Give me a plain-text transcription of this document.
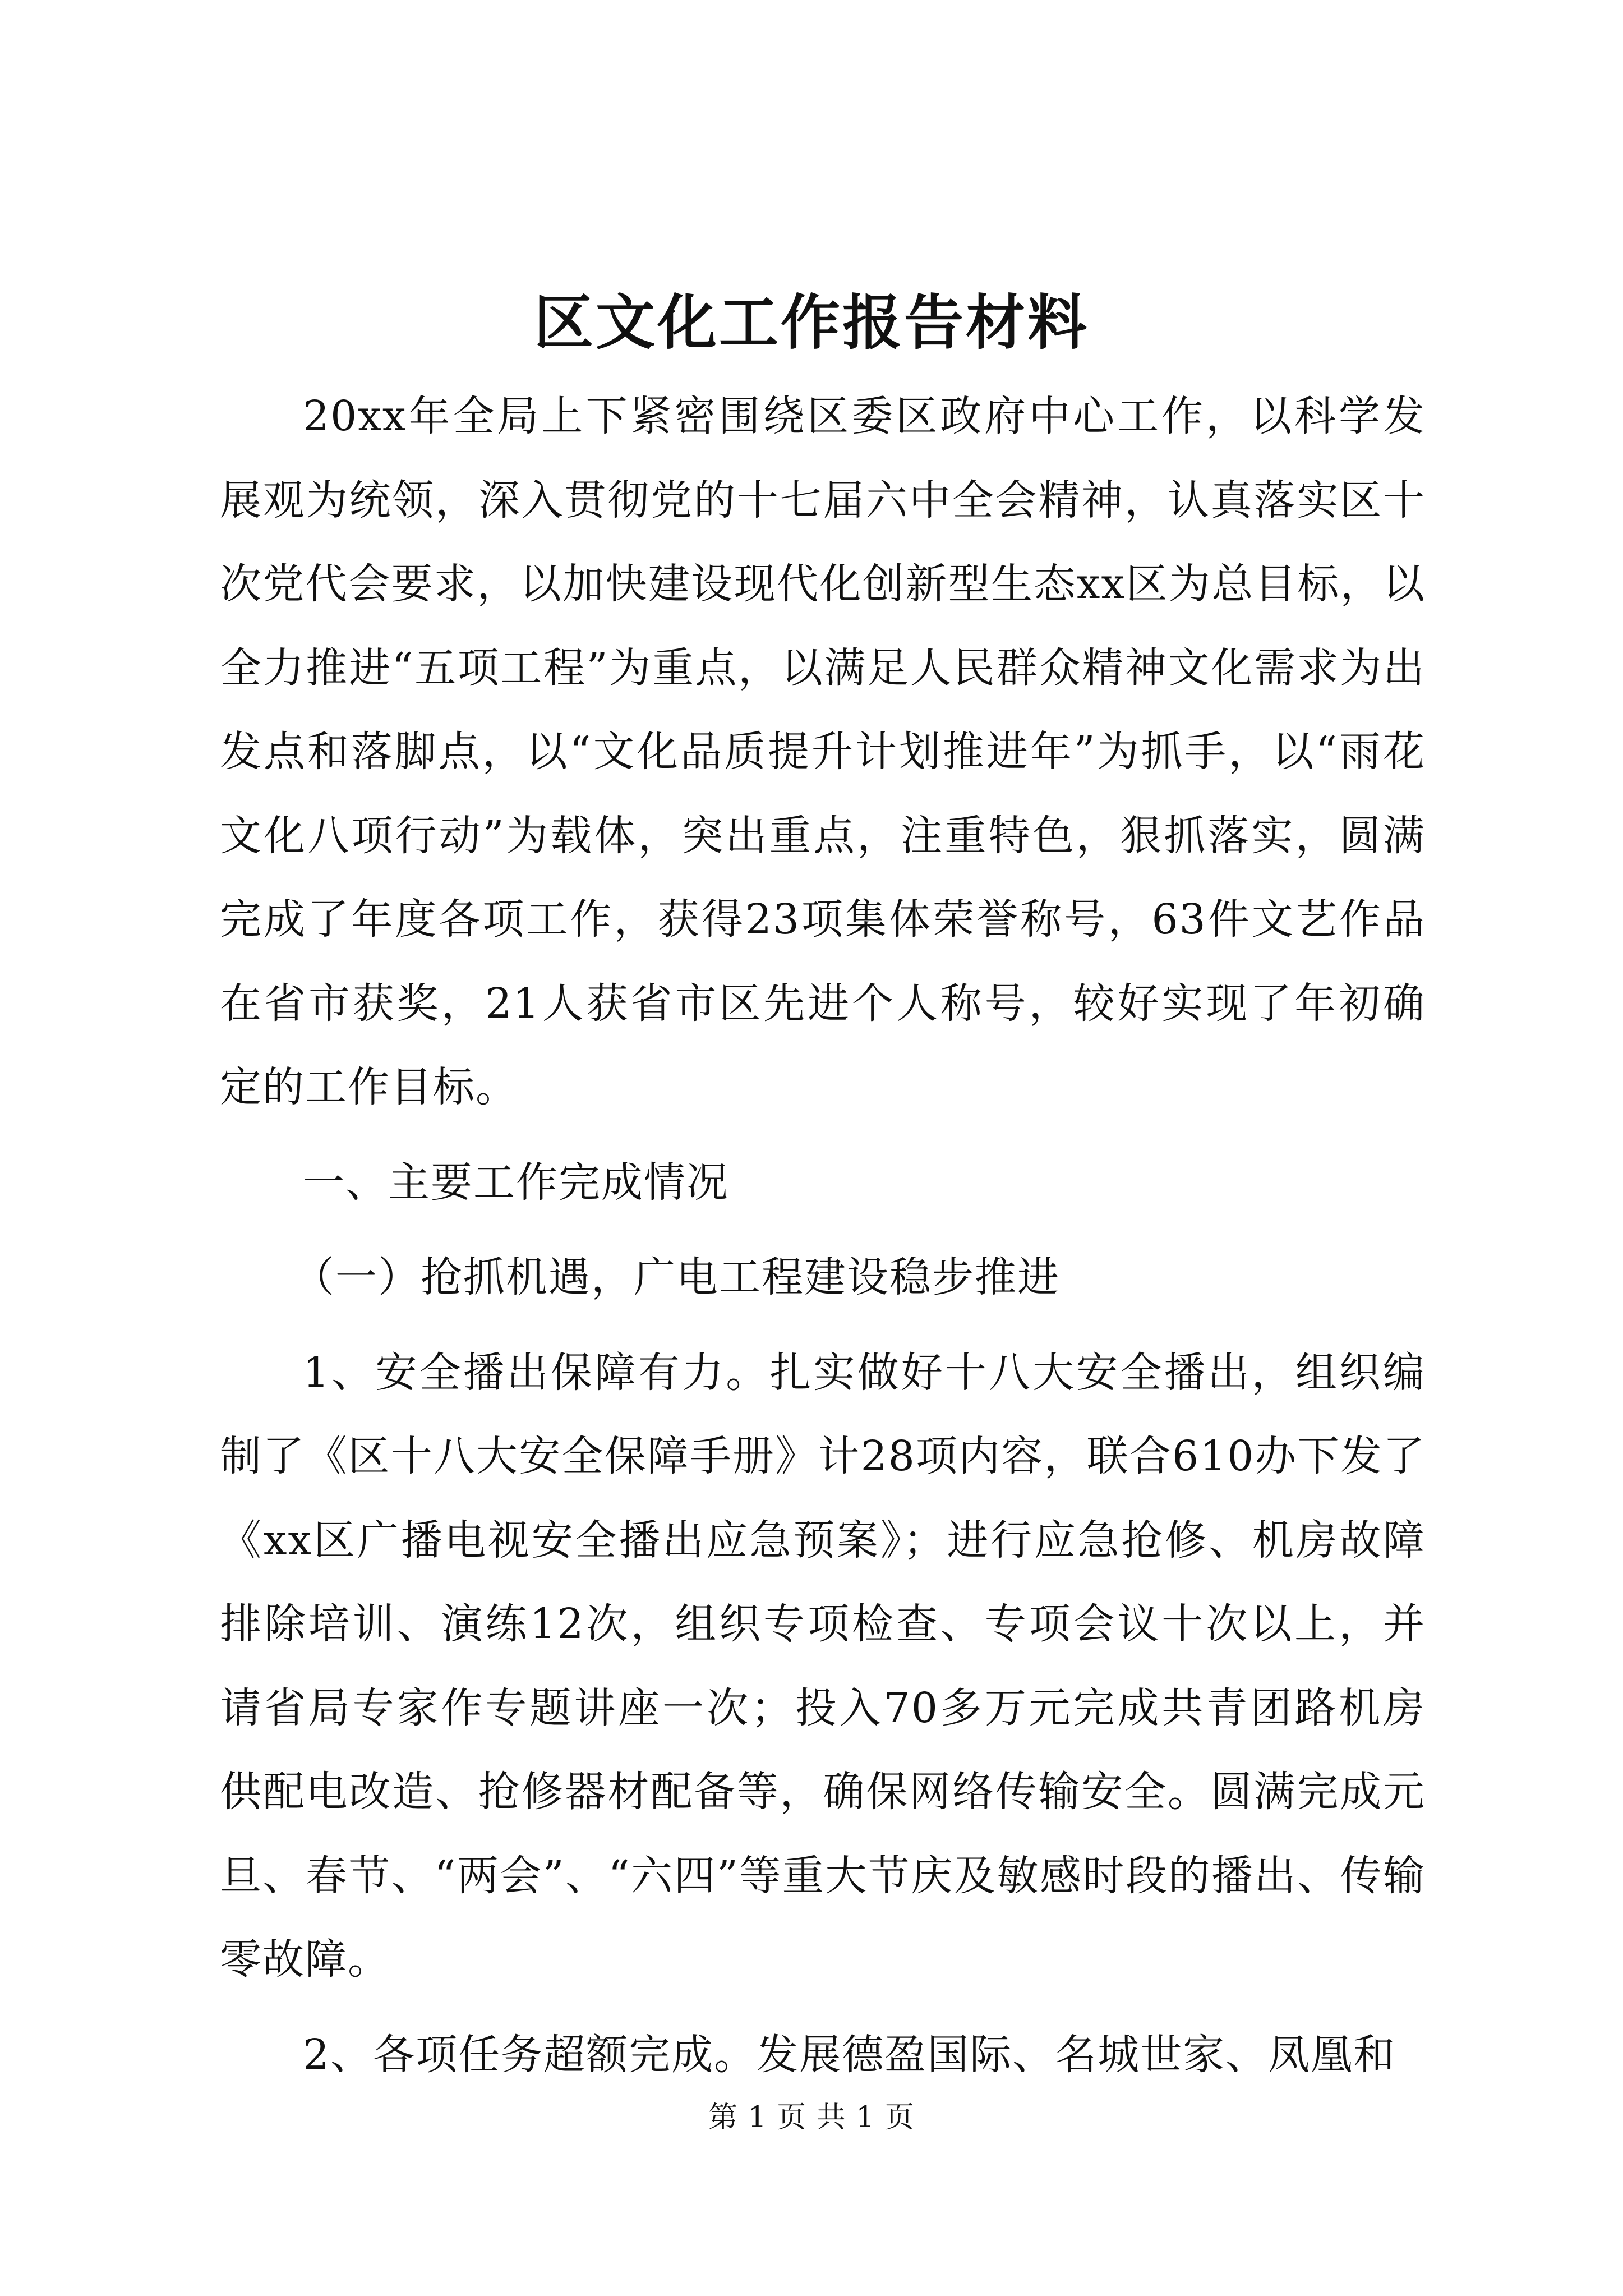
区文化工作报告材料

20xx年全局上下紧密围绕区委区政府中心工作，以科学发展观为统领，深入贯彻党的十七届六中全会精神，认真落实区十次党代会要求，以加快建设现代化创新型生态xx区为总目标，以全力推进“五项工程”为重点，以满足人民群众精神文化需求为出发点和落脚点，以“文化品质提升计划推进年”为抓手，以“雨花文化八项行动”为载体，突出重点，注重特色，狠抓落实，圆满完成了年度各项工作，获得23项集体荣誉称号，63件文艺作品在省市获奖，21人获省市区先进个人称号，较好实现了年初确定的工作目标。

一、主要工作完成情况

（一）抢抓机遇，广电工程建设稳步推进

1、安全播出保障有力。扎实做好十八大安全播出，组织编制了《区十八大安全保障手册》计28项内容，联合610办下发了《xx区广播电视安全播出应急预案》；进行应急抢修、机房故障排除培训、演练12次，组织专项检查、专项会议十次以上，并请省局专家作专题讲座一次；投入70多万元完成共青团路机房供配电改造、抢修器材配备等，确保网络传输安全。圆满完成元旦、春节、“两会”、“六四”等重大节庆及敏感时段的播出、传输零故障。

2、各项任务超额完成。发展德盈国际、名城世家、凤凰和

第 1 页 共 1 页
